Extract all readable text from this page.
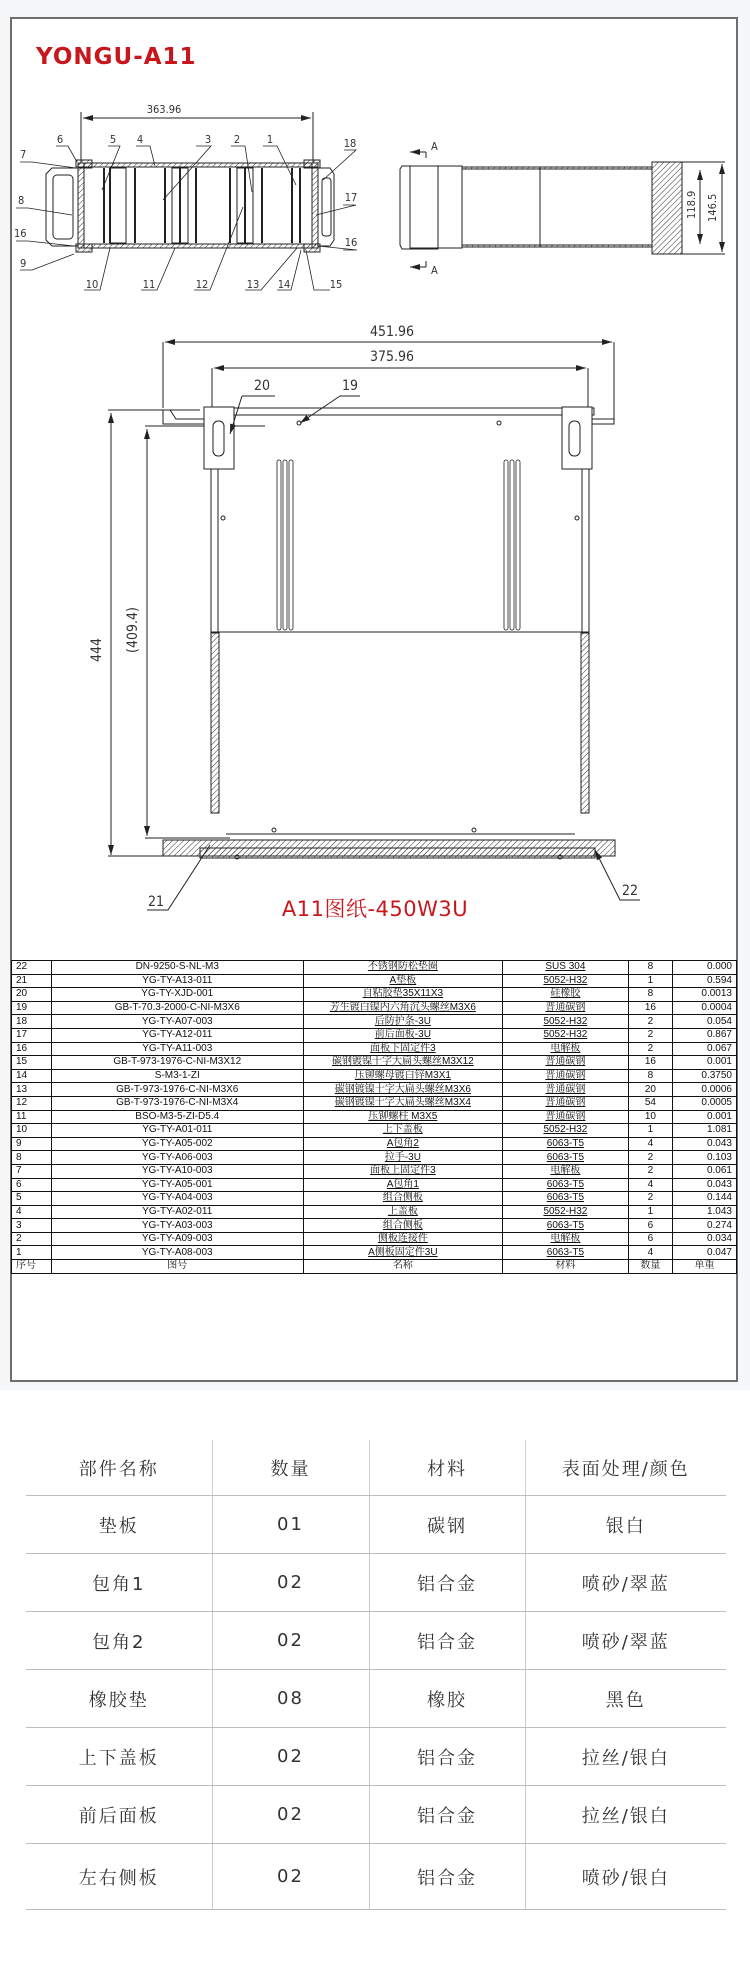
YONGU-A11
363.96
6
7
8
16
9
5 4	3 2 1	18
17
16
10	11	12	13 14	15
A
A
118.9 146.5
451.96
375.96
20	19
444 (409.4)
21
22
A11图纸-450W3U
22	DN-9250-S-NL-M3	不锈钢防松垫圈	SUS 304	8	0.000
21	YG-TY-A13-011	A垫板	5052-H32	1	0.594
20	YG-TY-XJD-001	自粘胶垫35X11X3	硅橡胶	8	0.0013
19	GB-T-70.3-2000-C-NI-M3X6	芳生镀白镍内六角沉头螺丝M3X6	普通碳钢	16	0.0004
18	YG-TY-A07-003	后防护条-3U	5052-H32	2	0.054
17	YG-TY-A12-011	前后面板-3U	5052-H32	2	0.867
16	YG-TY-A11-003	面板下固定件3	电解板	2	0.067
15	GB-T-973-1976-C-NI-M3X12	碳钢镀镍十字大扁头螺丝M3X12	普通碳钢	16	0.001
14	S-M3-1-ZI	压铆螺母镀白锌M3X1	普通碳钢	8	0.3750
13	GB-T-973-1976-C-NI-M3X6	碳钢镀镍十字大扁头螺丝M3X6	普通碳钢	20	0.0006
12	GB-T-973-1976-C-NI-M3X4	碳钢镀镍十字大扁头螺丝M3X4	普通碳钢	54	0.0005
11	BSO-M3-5-ZI-D5.4	压铆螺柱 M3X5	普通碳钢	10	0.001
10	YG-TY-A01-011	上下盖板	5052-H32	1	1.081
9	YG-TY-A05-002	A包角2	6063-T5	4	0.043
8	YG-TY-A06-003	拉手-3U	6063-T5	2	0.103
7	YG-TY-A10-003	面板上固定件3	电解板	2	0.061
6	YG-TY-A05-001	A包角1	6063-T5	4	0.043
5	YG-TY-A04-003	组合侧板	6063-T5	2	0.144
4	YG-TY-A02-011	上盖板	5052-H32	1	1.043
3	YG-TY-A03-003	组合侧板	6063-T5	6	0.274
2	YG-TY-A09-003	侧板连接件	电解板	6	0.034
1	YG-TY-A08-003	A侧板固定件3U	6063-T5	4	0.047
序号	图号	名称	材料	数量	单重
部件名称	数量	材料	表面处理/颜色
垫板	01	碳钢	银白
包角1	02	铝合金	喷砂/翠蓝
包角2	02	铝合金	喷砂/翠蓝
橡胶垫	08	橡胶	黑色
上下盖板	02	铝合金	拉丝/银白
前后面板	02	铝合金	拉丝/银白
左右侧板	02	铝合金	喷砂/银白
